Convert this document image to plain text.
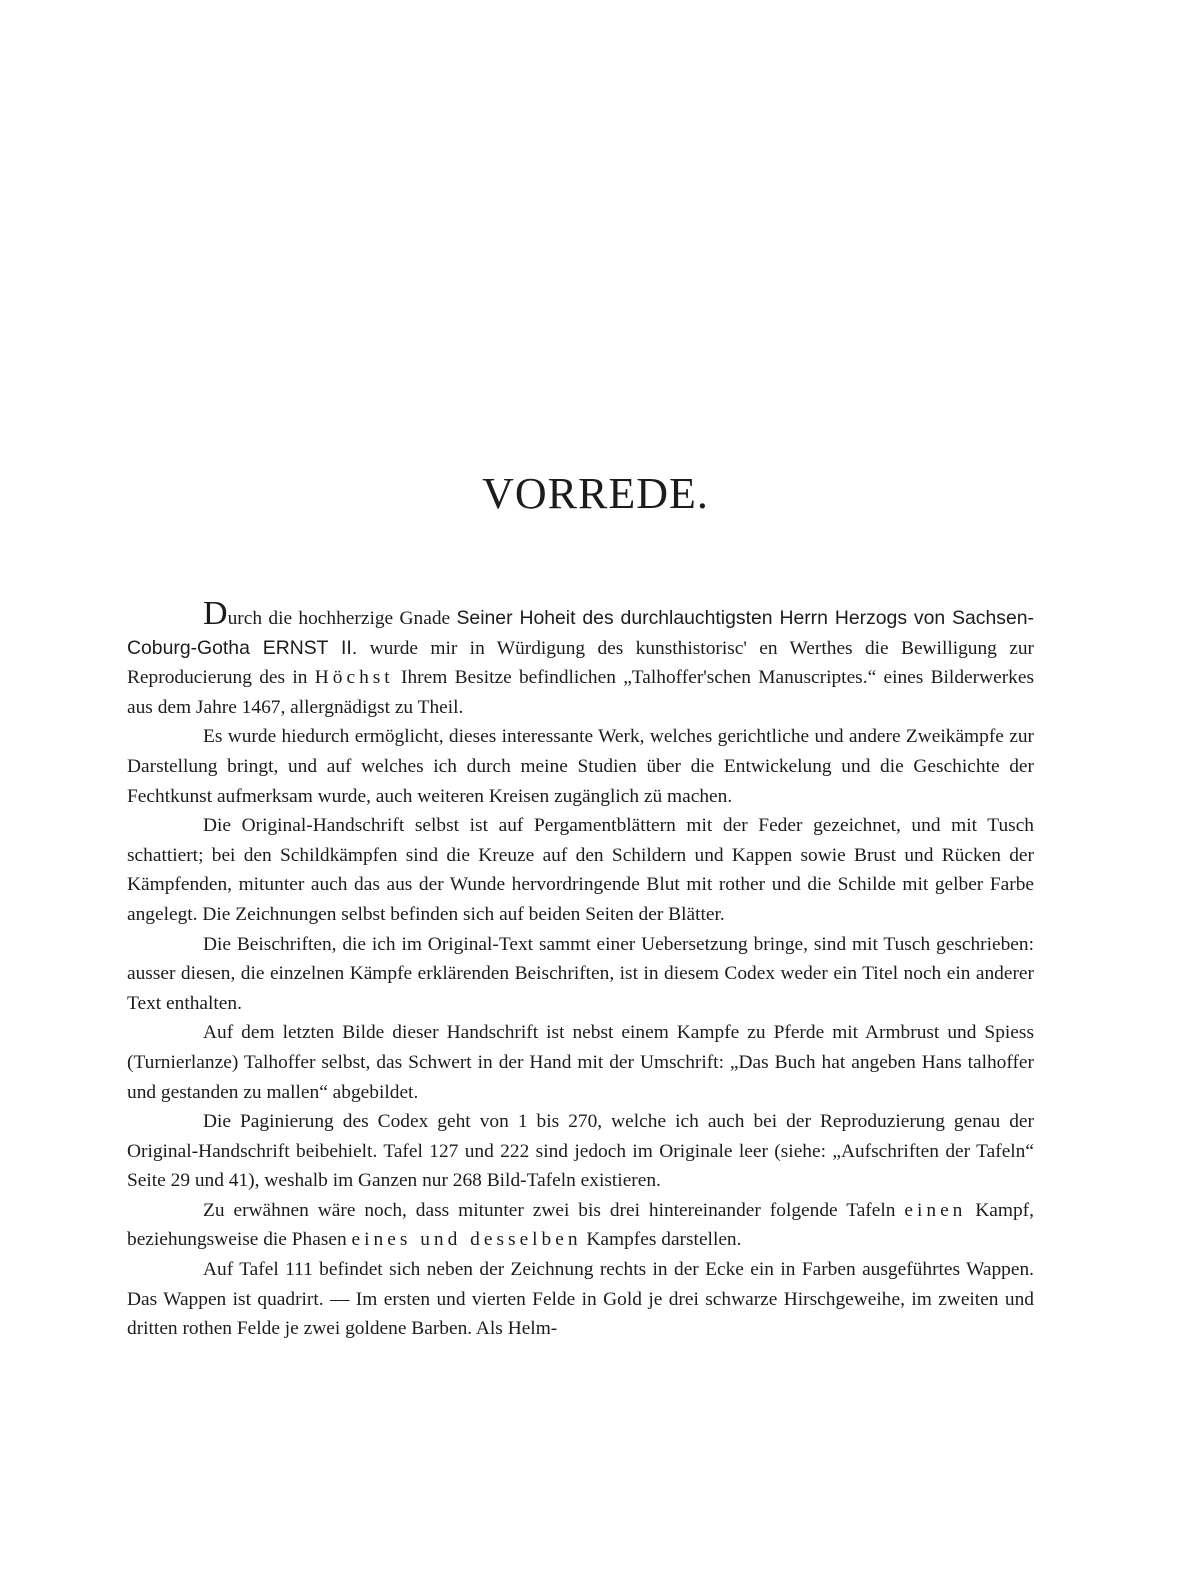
VORREDE.

Durch die hochherzige Gnade Seiner Hoheit des durchlauchtigsten Herrn Herzogs von Sachsen-Coburg-Gotha ERNST II. wurde mir in Würdigung des kunsthistorisc' en Werthes die Bewilligung zur Reproducierung des in Höchst Ihrem Besitze befindlichen „Talhoffer'schen Manuscriptes.“ eines Bilderwerkes aus dem Jahre 1467, allergnädigst zu Theil.

Es wurde hiedurch ermöglicht, dieses interessante Werk, welches gerichtliche und andere Zweikämpfe zur Darstellung bringt, und auf welches ich durch meine Studien über die Entwickelung und die Geschichte der Fechtkunst aufmerksam wurde, auch weiteren Kreisen zugänglich zü machen.

Die Original-Handschrift selbst ist auf Pergamentblättern mit der Feder gezeichnet, und mit Tusch schattiert; bei den Schildkämpfen sind die Kreuze auf den Schildern und Kappen sowie Brust und Rücken der Kämpfenden, mitunter auch das aus der Wunde hervordringende Blut mit rother und die Schilde mit gelber Farbe angelegt. Die Zeichnungen selbst befinden sich auf beiden Seiten der Blätter.

Die Beischriften, die ich im Original-Text sammt einer Uebersetzung bringe, sind mit Tusch geschrieben: ausser diesen, die einzelnen Kämpfe erklärenden Beischriften, ist in diesem Codex weder ein Titel noch ein anderer Text enthalten.

Auf dem letzten Bilde dieser Handschrift ist nebst einem Kampfe zu Pferde mit Armbrust und Spiess (Turnierlanze) Talhoffer selbst, das Schwert in der Hand mit der Umschrift: „Das Buch hat angeben Hans talhoffer und gestanden zu mallen“ abgebildet.

Die Paginierung des Codex geht von 1 bis 270, welche ich auch bei der Reproduzierung genau der Original-Handschrift beibehielt. Tafel 127 und 222 sind jedoch im Originale leer (siehe: „Aufschriften der Tafeln“ Seite 29 und 41), weshalb im Ganzen nur 268 Bild-Tafeln existieren.

Zu erwähnen wäre noch, dass mitunter zwei bis drei hintereinander folgende Tafeln einen Kampf, beziehungsweise die Phasen eines und desselben Kampfes darstellen.

Auf Tafel 111 befindet sich neben der Zeichnung rechts in der Ecke ein in Farben ausgeführtes Wappen. Das Wappen ist quadrirt. — Im ersten und vierten Felde in Gold je drei schwarze Hirschgeweihe, im zweiten und dritten rothen Felde je zwei goldene Barben. Als Helm-
